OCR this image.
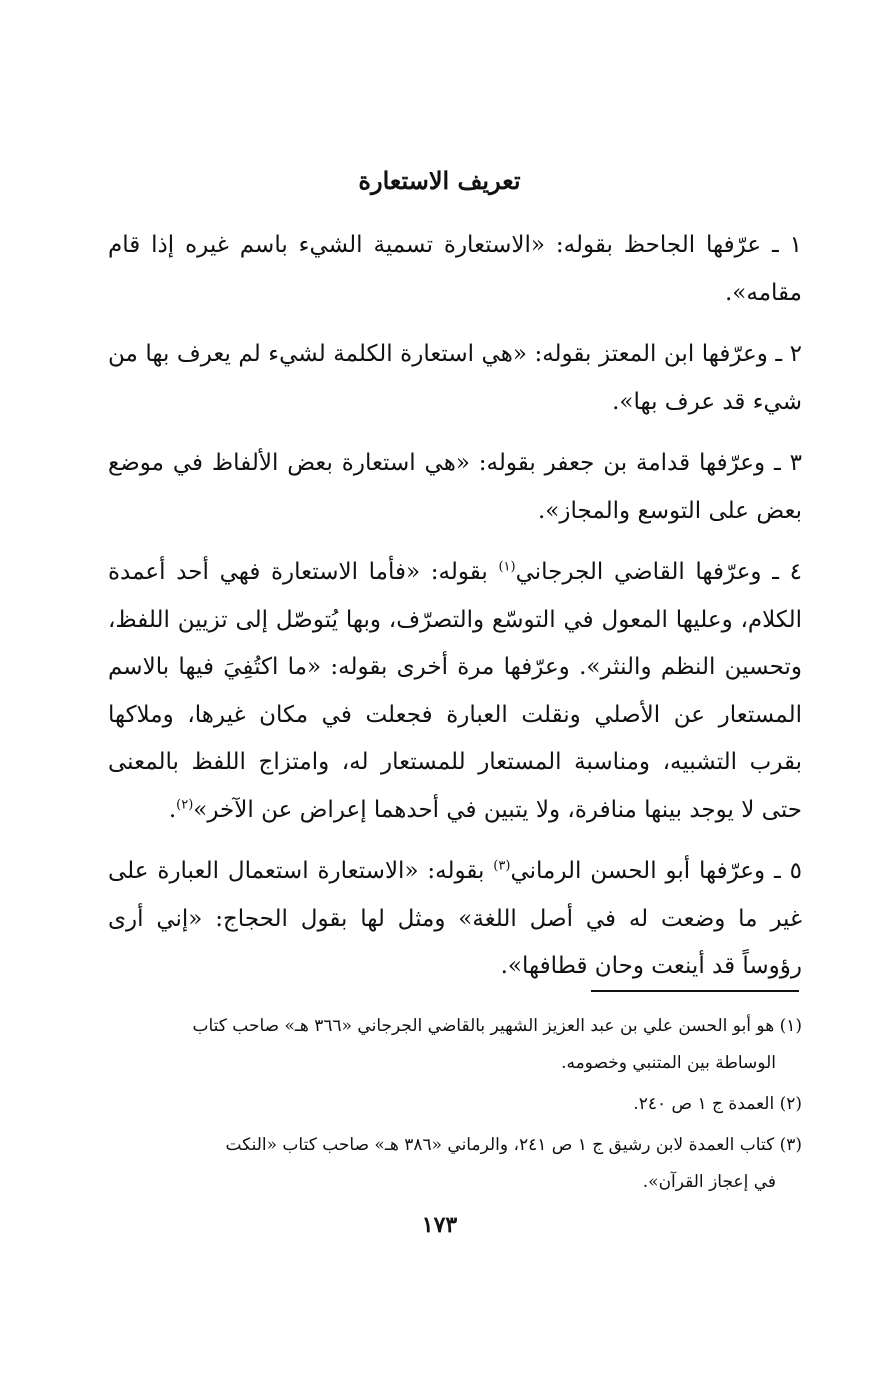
تعريف الاستعارة

١ ـ عرّفها الجاحظ بقوله: «الاستعارة تسمية الشيء باسم غيره إذا قام مقامه».

٢ ـ وعرّفها ابن المعتز بقوله: «هي استعارة الكلمة لشيء لم يعرف بها من شيء قد عرف بها».

٣ ـ وعرّفها قدامة بن جعفر بقوله: «هي استعارة بعض الألفاظ في موضع بعض على التوسع والمجاز».

٤ ـ وعرّفها القاضي الجرجاني$^{(١)}$ بقوله: «فأما الاستعارة فهي أحد أعمدة الكلام، وعليها المعول في التوسّع والتصرّف، وبها يُتوصّل إلى تزيين اللفظ، وتحسين النظم والنثر». وعرّفها مرة أخرى بقوله: «ما اكتُفِيَ فيها بالاسم المستعار عن الأصلي ونقلت العبارة فجعلت في مكان غيرها، وملاكها بقرب التشبيه، ومناسبة المستعار للمستعار له، وامتزاج اللفظ بالمعنى حتى لا يوجد بينها منافرة، ولا يتبين في أحدهما إعراض عن الآخر»$^{(٢)}$.

٥ ـ وعرّفها أبو الحسن الرماني$^{(٣)}$ بقوله: «الاستعارة استعمال العبارة على غير ما وضعت له في أصل اللغة» ومثل لها بقول الحجاج: «إني أرى رؤوساً قد أينعت وحان قطافها».

(١) هو أبو الحسن علي بن عبد العزيز الشهير بالقاضي الجرجاني «٣٦٦ هـ» صاحب كتاب
الوساطة بين المتنبي وخصومه.
(٢) العمدة ج ١ ص ٢٤٠.
(٣) كتاب العمدة لابن رشيق ج ١ ص ٢٤١، والرماني «٣٨٦ هـ» صاحب كتاب «النكت
في إعجاز القرآن».
١٧٣
